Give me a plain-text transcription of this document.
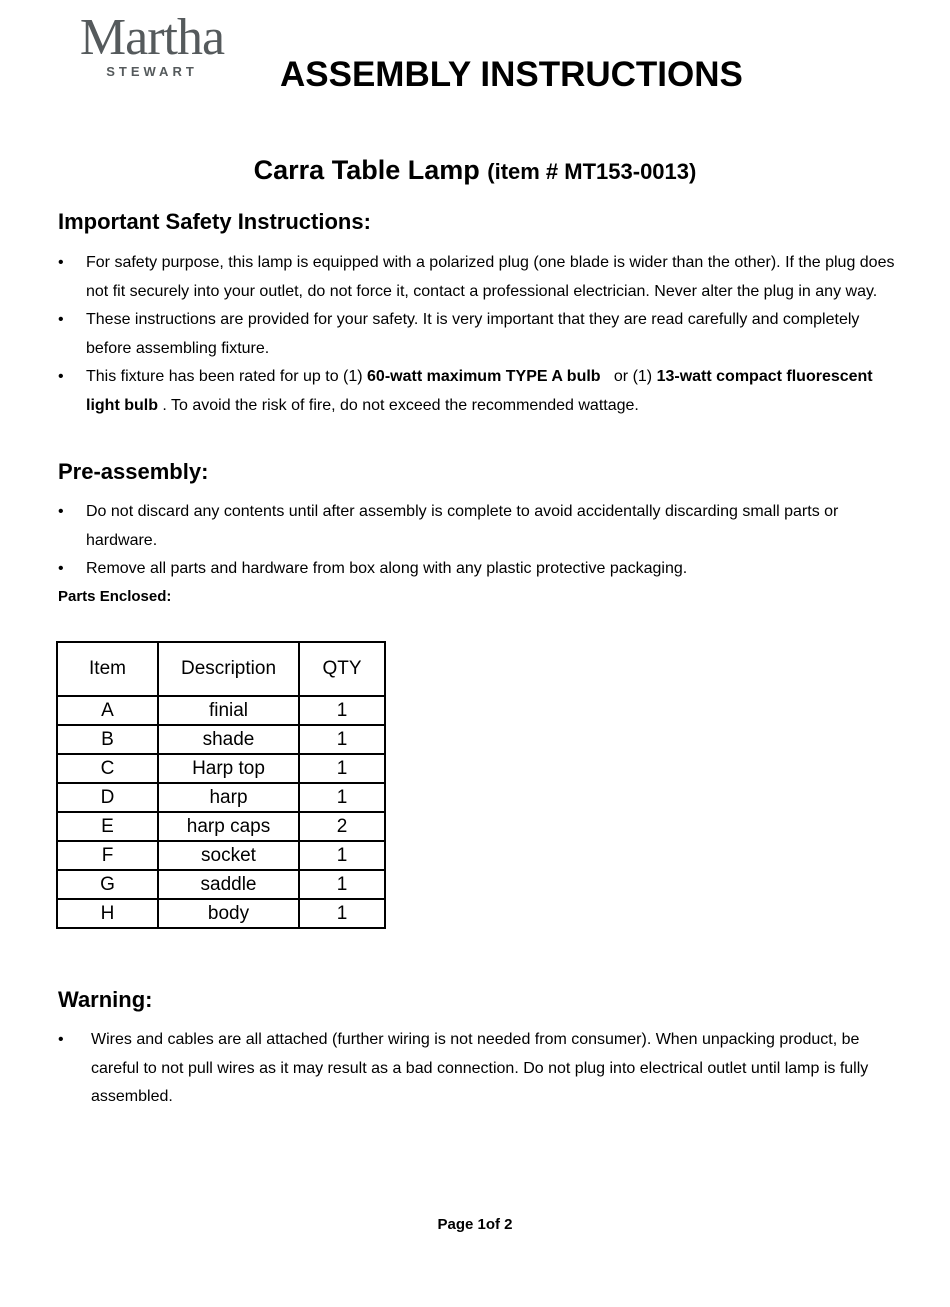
Martha
STEWART	ASSEMBLY INSTRUCTIONS
Carra Table Lamp (item # MT153-0013)
Important Safety Instructions:
• For safety purpose, this lamp is equipped with a polarized plug (one blade is wider than the other). If the plug does not fit securely into your outlet, do not force it, contact a professional electrician. Never alter the plug in any way.
• These instructions are provided for your safety. It is very important that they are read carefully and completely before assembling fixture.
• This fixture has been rated for up to (1) 60-watt maximum TYPE A bulb   or (1) 13-watt compact fluorescent light bulb . To avoid the risk of fire, do not exceed the recommended wattage.
Pre-assembly:
• Do not discard any contents until after assembly is complete to avoid accidentally discarding small parts or hardware.
• Remove all parts and hardware from box along with any plastic protective packaging.
Parts Enclosed:
Item	Description	QTY
A	finial	1
B	shade	1
C	Harp top	1
D	harp	1
E	harp caps	2
F	socket	1
G	saddle	1
H	body	1
Warning:
• Wires and cables are all attached (further wiring is not needed from consumer). When unpacking product, be careful to not pull wires as it may result as a bad connection. Do not plug into electrical outlet until lamp is fully assembled.
Page 1of 2
